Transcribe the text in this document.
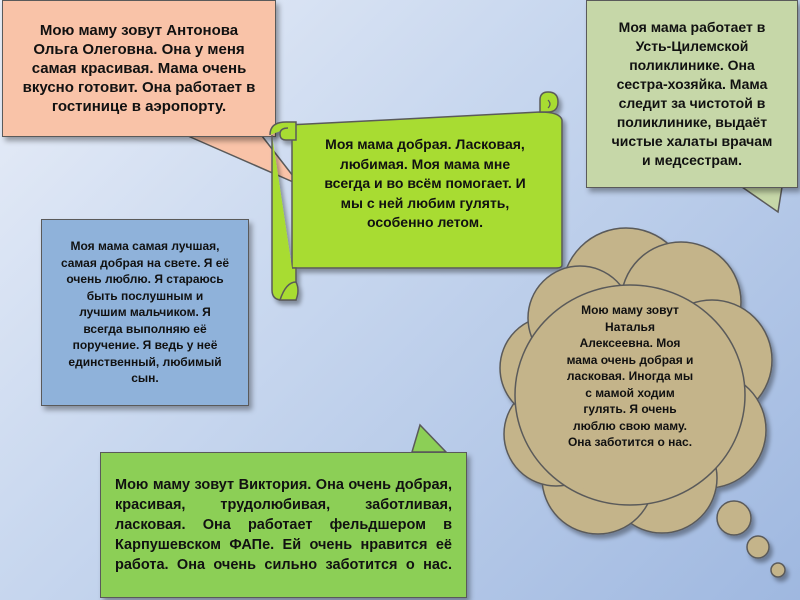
Мою маму зовут Антонова
Ольга Олеговна. Она у меня
самая красивая. Мама очень
вкусно готовит. Она работает в
гостинице в аэропорту.
Моя мама работает в
Усть-Цилемской
поликлинике. Она
сестра-хозяйка. Мама
следит за чистотой в
поликлинике, выдаёт
чистые халаты врачам
и медсестрам.
Моя мама добрая. Ласковая,
любимая. Моя мама мне
всегда и во всём помогает. И
мы с ней любим гулять,
особенно летом.
Моя мама самая лучшая,
самая добрая на свете. Я её
очень люблю. Я стараюсь
быть послушным и
лучшим мальчиком. Я
всегда выполняю её
поручение. Я ведь у неё
единственный, любимый
сын.
Мою маму зовут
Наталья
Алексеевна. Моя
мама очень добрая и
ласковая. Иногда мы
с мамой ходим
гулять. Я очень
люблю свою маму.
Она заботится о нас.
Мою маму зовут Виктория. Она очень добрая, красивая, трудолюбивая, заботливая, ласковая. Она работает фельдшером в Карпушевском ФАПе. Ей очень нравится её работа. Она очень сильно заботится о нас.
